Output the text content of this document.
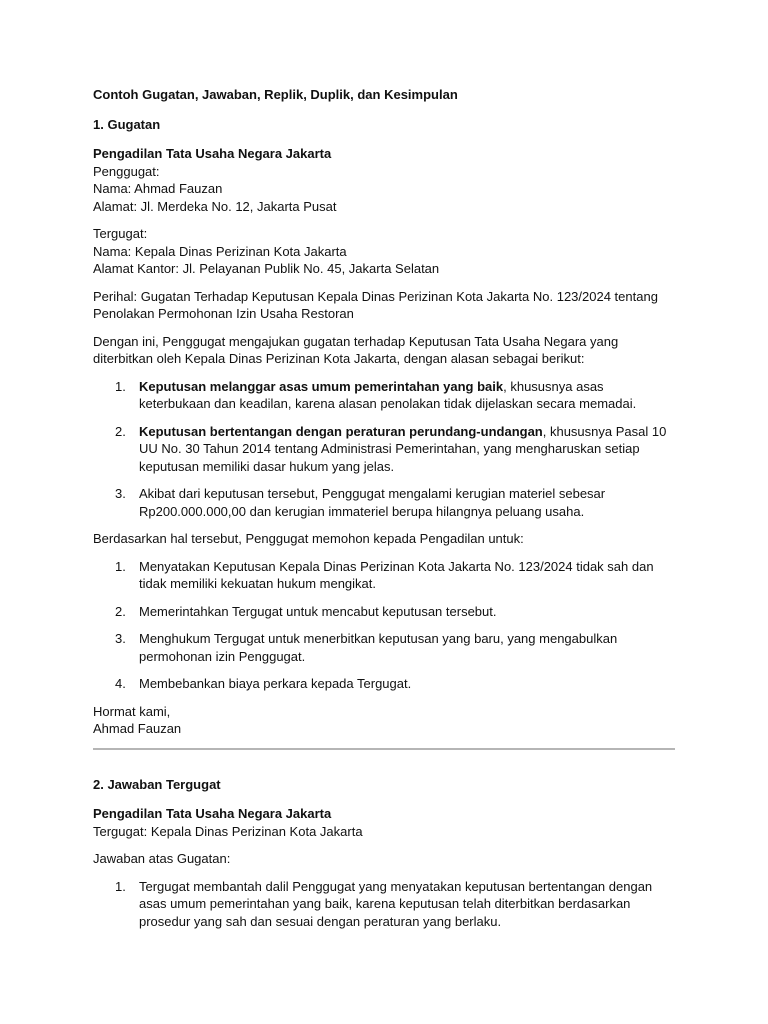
Contoh Gugatan, Jawaban, Replik, Duplik, dan Kesimpulan

1. Gugatan

Pengadilan Tata Usaha Negara Jakarta

Penggugat:

Nama: Ahmad Fauzan

Alamat: Jl. Merdeka No. 12, Jakarta Pusat

Tergugat:

Nama: Kepala Dinas Perizinan Kota Jakarta

Alamat Kantor: Jl. Pelayanan Publik No. 45, Jakarta Selatan

Perihal: Gugatan Terhadap Keputusan Kepala Dinas Perizinan Kota Jakarta No. 123/2024 tentang Penolakan Permohonan Izin Usaha Restoran

Dengan ini, Penggugat mengajukan gugatan terhadap Keputusan Tata Usaha Negara yang diterbitkan oleh Kepala Dinas Perizinan Kota Jakarta, dengan alasan sebagai berikut:

1. Keputusan melanggar asas umum pemerintahan yang baik, khususnya asas keterbukaan dan keadilan, karena alasan penolakan tidak dijelaskan secara memadai.
2. Keputusan bertentangan dengan peraturan perundang-undangan, khususnya Pasal 10 UU No. 30 Tahun 2014 tentang Administrasi Pemerintahan, yang mengharuskan setiap keputusan memiliki dasar hukum yang jelas.
3. Akibat dari keputusan tersebut, Penggugat mengalami kerugian materiel sebesar Rp200.000.000,00 dan kerugian immateriel berupa hilangnya peluang usaha.

Berdasarkan hal tersebut, Penggugat memohon kepada Pengadilan untuk:

1. Menyatakan Keputusan Kepala Dinas Perizinan Kota Jakarta No. 123/2024 tidak sah dan tidak memiliki kekuatan hukum mengikat.
2. Memerintahkan Tergugat untuk mencabut keputusan tersebut.
3. Menghukum Tergugat untuk menerbitkan keputusan yang baru, yang mengabulkan permohonan izin Penggugat.
4. Membebankan biaya perkara kepada Tergugat.

Hormat kami,

Ahmad Fauzan

2. Jawaban Tergugat

Pengadilan Tata Usaha Negara Jakarta

Tergugat: Kepala Dinas Perizinan Kota Jakarta

Jawaban atas Gugatan:

1. Tergugat membantah dalil Penggugat yang menyatakan keputusan bertentangan dengan asas umum pemerintahan yang baik, karena keputusan telah diterbitkan berdasarkan prosedur yang sah dan sesuai dengan peraturan yang berlaku.
